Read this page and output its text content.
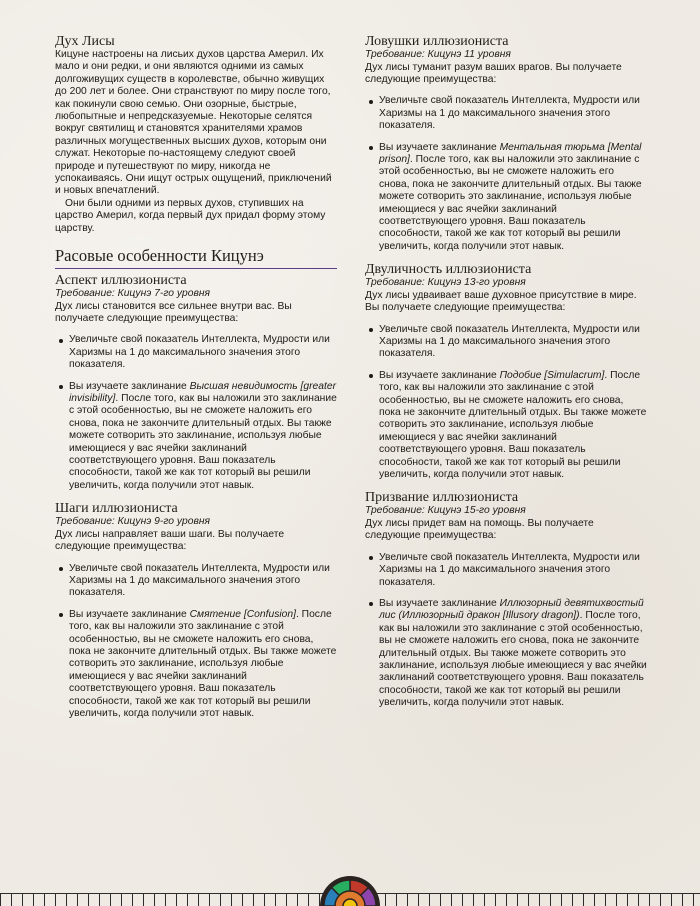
Дух Лисы

Кицуне настроены на лисьих духов царства Америл. Их мало и они редки, и они являются одними из самых долгоживущих существ в королевстве, обычно живущих до 200 лет и более. Они странствуют по миру после того, как покинули свою семью. Они озорные, быстрые, любопытные и непредсказуемые. Некоторые селятся вокруг святилищ и становятся хранителями храмов различных могущественных высших духов, которым они служат. Некоторые по-настоящему следуют своей природе и путешествуют по миру, никогда не успокаиваясь. Они ищут острых ощущений, приключений и новых впечатлений.

Они были одними из первых духов, ступивших на царство Америл, когда первый дух придал форму этому царству.

Расовые особенности Кицунэ
Аспект иллюзиониста

Требование: Кицунэ 7-го уровня

Дух лисы становится все сильнее внутри вас. Вы получаете следующие преимущества:

Увеличьте свой показатель Интеллекта, Мудрости или Харизмы на 1 до максимального значения этого показателя.
Вы изучаете заклинание Высшая невидимость [greater invisibility]. После того, как вы наложили это заклинание с этой особенностью, вы не сможете наложить его снова, пока не закончите длительный отдых. Вы также можете сотворить это заклинание, используя любые имеющиеся у вас ячейки заклинаний соответствующего уровня. Ваш показатель способности, такой же как тот который вы решили увеличить, когда получили этот навык.
Шаги иллюзиониста

Требование: Кицунэ 9-го уровня

Дух лисы направляет ваши шаги. Вы получаете следующие преимущества:

Увеличьте свой показатель Интеллекта, Мудрости или Харизмы на 1 до максимального значения этого показателя.
Вы изучаете заклинание Смятение [Confusion]. После того, как вы наложили это заклинание с этой особенностью, вы не сможете наложить его снова, пока не закончите длительный отдых. Вы также можете сотворить это заклинание, используя любые имеющиеся у вас ячейки заклинаний соответствующего уровня. Ваш показатель способности, такой же как тот который вы решили увеличить, когда получили этот навык.
Ловушки иллюзиониста

Требование: Кицунэ 11 уровня

Дух лисы туманит разум ваших врагов. Вы получаете следующие преимущества:

Увеличьте свой показатель Интеллекта, Мудрости или Харизмы на 1 до максимального значения этого показателя.
Вы изучаете заклинание Ментальная тюрьма [Mental prison]. После того, как вы наложили это заклинание с этой особенностью, вы не сможете наложить его снова, пока не закончите длительный отдых. Вы также можете сотворить это заклинание, используя любые имеющиеся у вас ячейки заклинаний соответствующего уровня. Ваш показатель способности, такой же как тот который вы решили увеличить, когда получили этот навык.
Двуличность иллюзиониста

Требование: Кицунэ 13-го уровня

Дух лисы удваивает ваше духовное присутствие в мире. Вы получаете следующие преимущества:

Увеличьте свой показатель Интеллекта, Мудрости или Харизмы на 1 до максимального значения этого показателя.
Вы изучаете заклинание Подобие [Simulacrum]. После того, как вы наложили это заклинание с этой особенностью, вы не сможете наложить его снова, пока не закончите длительный отдых. Вы также можете сотворить это заклинание, используя любые имеющиеся у вас ячейки заклинаний соответствующего уровня. Ваш показатель способности, такой же как тот который вы решили увеличить, когда получили этот навык.
Призвание иллюзиониста

Требование: Кицунэ 15-го уровня

Дух лисы придет вам на помощь. Вы получаете следующие преимущества:

Увеличьте свой показатель Интеллекта, Мудрости или Харизмы на 1 до максимального значения этого показателя.
Вы изучаете заклинание Иллюзорный девятихвостый лис (Иллюзорный дракон [Illusory dragon]). После того, как вы наложили это заклинание с этой особенностью, вы не сможете наложить его снова, пока не закончите длительный отдых. Вы также можете сотворить это заклинание, используя любые имеющиеся у вас ячейки заклинаний соответствующего уровня. Ваш показатель способности, такой же как тот который вы решили увеличить, когда получили этот навык.
